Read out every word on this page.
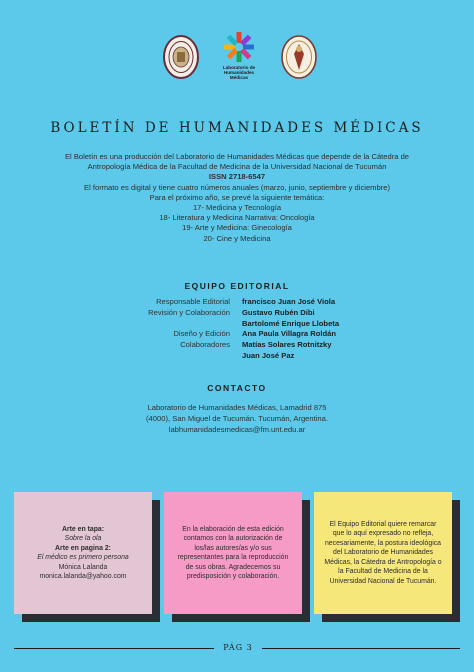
Laboratorio de
Humanidades
Médicas
BOLETÍN DE HUMANIDADES MÉDICAS
El Boletín es una producción del Laboratorio de Humanidades Médicas que depende de la Cátedra de
Antropología Médica de la Facultad de Medicina de la Universidad Nacional de Tucumán
ISSN 2718-6547
El formato es digital y tiene cuatro números anuales (marzo, junio, septiembre y diciembre)
Para el próximo año, se prevé la siguiente temática:
17- Medicina y Tecnología
18- Literatura y Medicina Narrativa: Oncología
19- Arte y Medicina: Ginecología
20- Cine y Medicina
EQUIPO EDITORIAL
Responsable Editorial francisco Juan José Viola
Revisión y Colaboración Gustavo Rubén Dibi
Bartolomé Enrique Llobeta
Diseño y Edición Ana Paula Villagra Roldán
Colaboradores Matías Solares Rotnitzky
Juan José Paz
CONTACTO
Laboratorio de Humanidades Médicas, Lamadrid 875
(4000), San Miguel de Tucumán. Tucumán, Argentina.
labhumanidadesmedicas@fm.unt.edu.ar
Arte en tapa:
Sobre la ola
Arte en pagina 2:
El médico es primero persona
Mónica Lalanda
monica.lalanda@yahoo.com
En la elaboración de esta edición contamos con la autorización de los/las autores/as y/o sus representantes para la reproducción de sus obras. Agradecemos su predisposición y colaboración.
El Equipo Editorial quiere remarcar que lo aquí expresado no refleja, necesariamente, la postura ideológica del Laboratorio de Humanidades Médicas, la Cátedra de Antropología o la Facultad de Medicina de la Universidad Nacional de Tucumán.
PÁG 3
